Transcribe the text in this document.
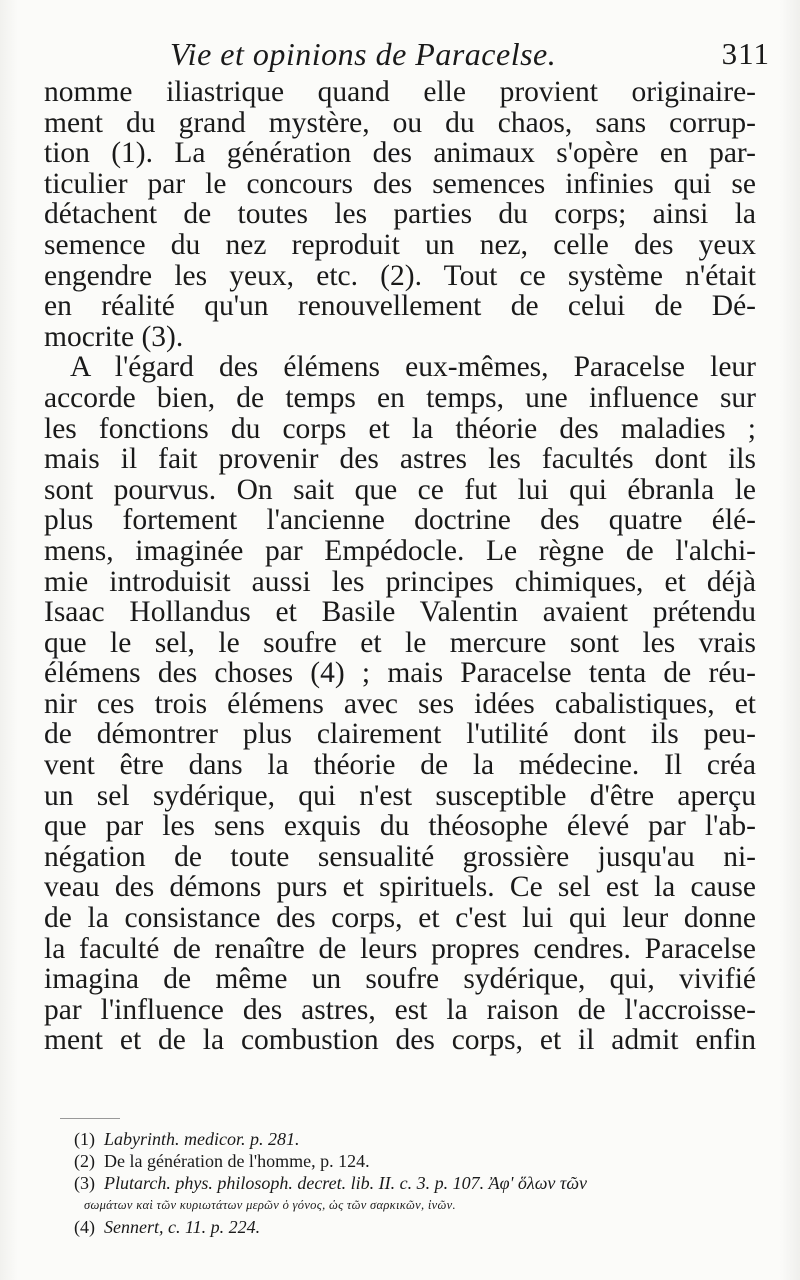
Vie et opinions de Paracelse.	311
nomme iliastrique quand elle provient originaire-
ment du grand mystère, ou du chaos, sans corrup-
tion (1). La génération des animaux s'opère en par-
ticulier par le concours des semences infinies qui se
détachent de toutes les parties du corps; ainsi la
semence du nez reproduit un nez, celle des yeux
engendre les yeux, etc. (2). Tout ce système n'était
en réalité qu'un renouvellement de celui de Dé-
mocrite (3).
A l'égard des élémens eux-mêmes, Paracelse leur
accorde bien, de temps en temps, une influence sur
les fonctions du corps et la théorie des maladies ;
mais il fait provenir des astres les facultés dont ils
sont pourvus. On sait que ce fut lui qui ébranla le
plus fortement l'ancienne doctrine des quatre élé-
mens, imaginée par Empédocle. Le règne de l'alchi-
mie introduisit aussi les principes chimiques, et déjà
Isaac Hollandus et Basile Valentin avaient prétendu
que le sel, le soufre et le mercure sont les vrais
élémens des choses (4) ; mais Paracelse tenta de réu-
nir ces trois élémens avec ses idées cabalistiques, et
de démontrer plus clairement l'utilité dont ils peu-
vent être dans la théorie de la médecine. Il créa
un sel sydérique, qui n'est susceptible d'être aperçu
que par les sens exquis du théosophe élevé par l'ab-
négation de toute sensualité grossière jusqu'au ni-
veau des démons purs et spirituels. Ce sel est la cause
de la consistance des corps, et c'est lui qui leur donne
la faculté de renaître de leurs propres cendres. Paracelse
imagina de même un soufre sydérique, qui, vivifié
par l'influence des astres, est la raison de l'accroisse-
ment et de la combustion des corps, et il admit enfin
(1) Labyrinth. medicor. p. 281.
(2) De la génération de l'homme, p. 124.
(3) Plutarch. phys. philosoph. decret. lib. II. c. 3. p. 107. Ἀφ' ὅλων τῶν
σωμάτων καὶ τῶν κυριωτάτων μερῶν ὁ γόνος, ὡς τῶν σαρκικῶν, ἰνῶν.
(4) Sennert, c. 11. p. 224.
